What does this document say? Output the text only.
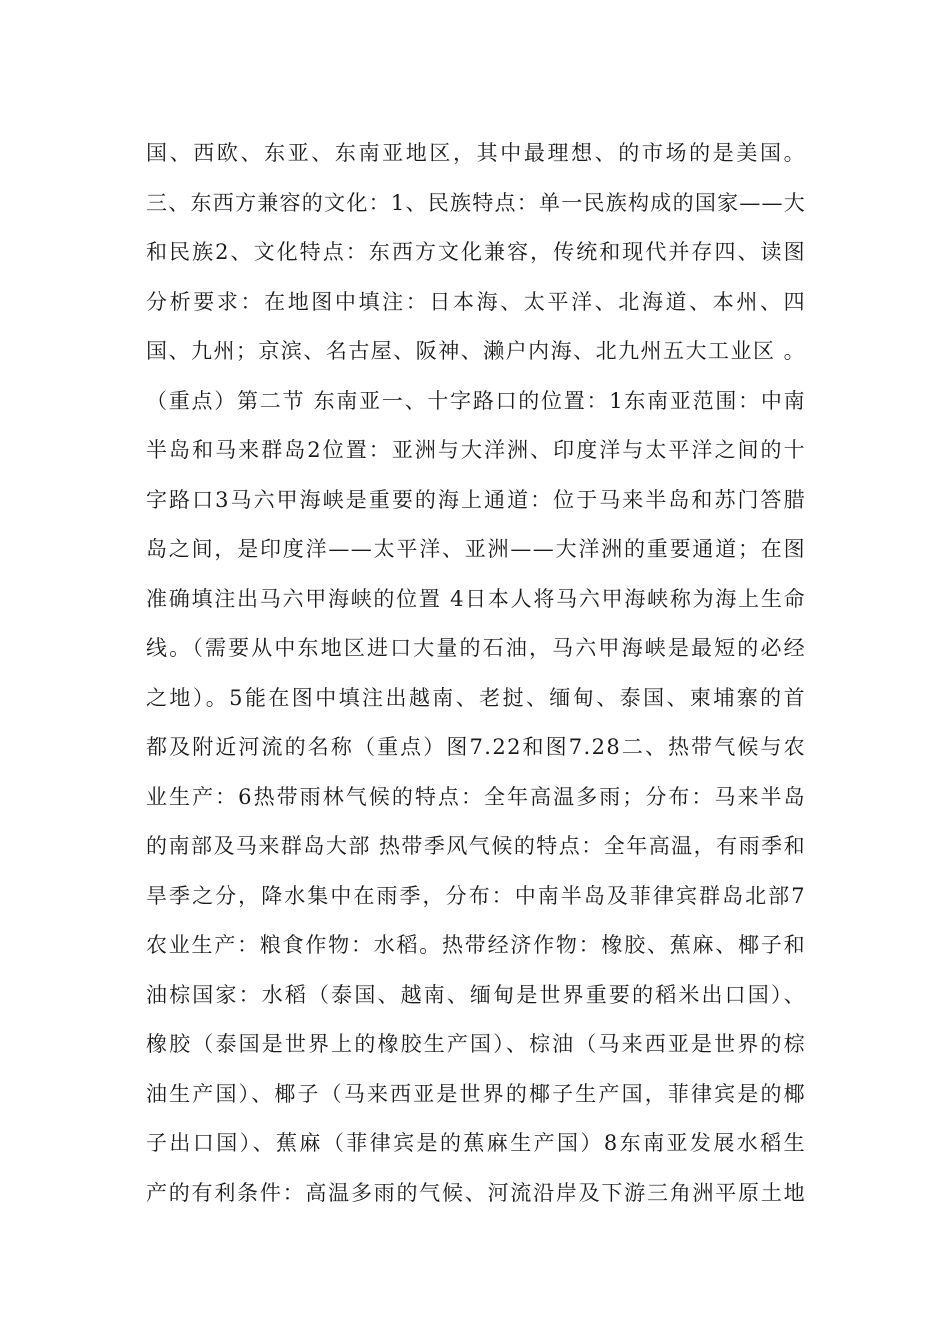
国、西欧、东亚、东南亚地区，其中最理想、的市场的是美国。
三、东西方兼容的文化：1、民族特点：单一民族构成的国家——大
和民族2、文化特点：东西方文化兼容，传统和现代并存四、读图
分析要求：在地图中填注：日本海、太平洋、北海道、本州、四
国、九州；京滨、名古屋、阪神、濑户内海、北九州五大工业区 。
（重点）第二节 东南亚一、十字路口的位置：1东南亚范围：中南
半岛和马来群岛2位置：亚洲与大洋洲、印度洋与太平洋之间的十
字路口3马六甲海峡是重要的海上通道：位于马来半岛和苏门答腊
岛之间，是印度洋——太平洋、亚洲——大洋洲的重要通道；在图
准确填注出马六甲海峡的位置 4日本人将马六甲海峡称为海上生命
线。（需要从中东地区进口大量的石油，马六甲海峡是最短的必经
之地）。5能在图中填注出越南、老挝、缅甸、泰国、柬埔寨的首
都及附近河流的名称（重点）图7.22和图7.28二、热带气候与农
业生产：6热带雨林气候的特点：全年高温多雨；分布：马来半岛
的南部及马来群岛大部 热带季风气候的特点：全年高温，有雨季和
旱季之分，降水集中在雨季，分布：中南半岛及菲律宾群岛北部7
农业生产：粮食作物：水稻。热带经济作物：橡胶、蕉麻、椰子和
油棕国家：水稻（泰国、越南、缅甸是世界重要的稻米出口国）、
橡胶（泰国是世界上的橡胶生产国）、棕油（马来西亚是世界的棕
油生产国）、椰子（马来西亚是世界的椰子生产国，菲律宾是的椰
子出口国）、蕉麻（菲律宾是的蕉麻生产国）8东南亚发展水稻生
产的有利条件：高温多雨的气候、河流沿岸及下游三角洲平原土地
